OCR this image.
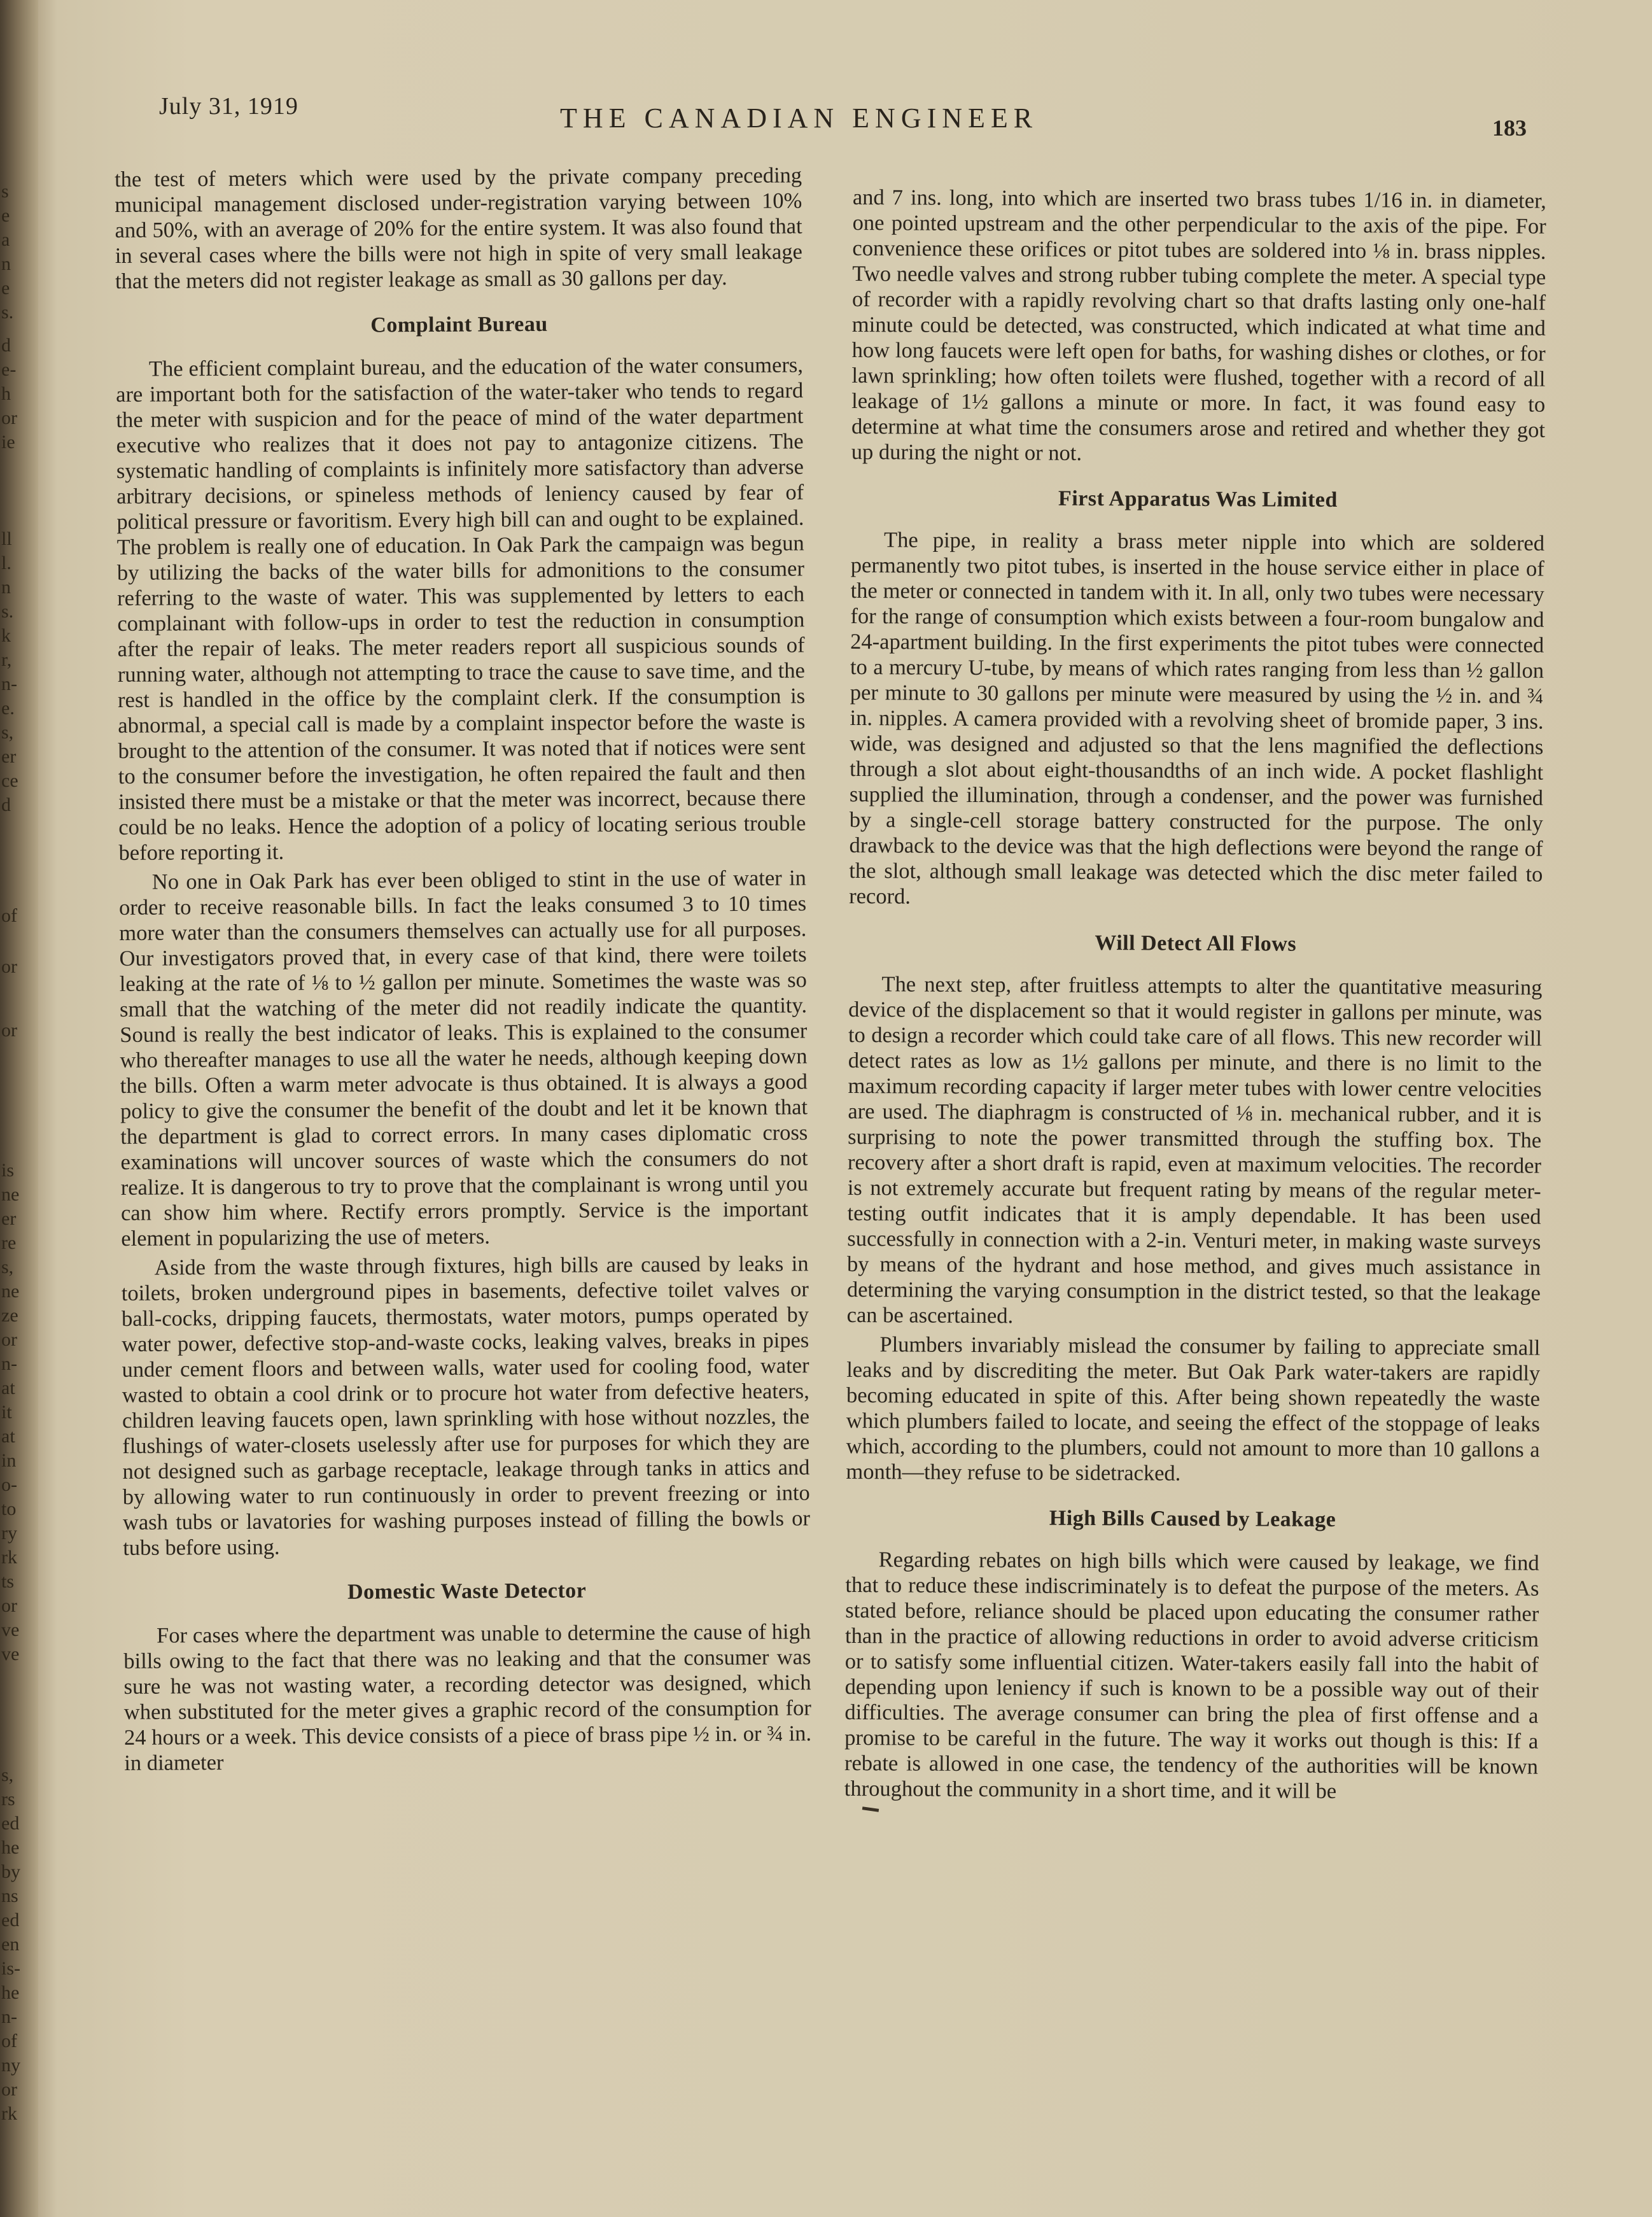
s
e
a
n
e
s.
d
e-
h
or
ie
ll
l.
n
s.
k
r,
n-
e.
s,
er
ce
d
of
or
or
is
ne
er
re
s,
ne
ze
or
n-
at
it
at
in
o-
to
ry
rk
ts
or
ve
ve
s,
rs
ed
he
by
ns
ed
en
is-
he
n-
of
ny
or
rk
July 31, 1919	THE CANADIAN ENGINEER	183

the test of meters which were used by the private company preceding municipal management disclosed under-registration varying between 10% and 50%, with an average of 20% for the entire system. It was also found that in several cases where the bills were not high in spite of very small leakage that the meters did not register leakage as small as 30 gallons per day.

Complaint Bureau

The efficient complaint bureau, and the education of the water consumers, are important both for the satisfaction of the water-taker who tends to regard the meter with suspicion and for the peace of mind of the water department executive who realizes that it does not pay to antagonize citizens. The systematic handling of complaints is infinitely more satisfactory than adverse arbitrary decisions, or spineless methods of leniency caused by fear of political pressure or favoritism. Every high bill can and ought to be explained. The problem is really one of education. In Oak Park the campaign was begun by utilizing the backs of the water bills for admonitions to the consumer referring to the waste of water. This was supplemented by letters to each complainant with follow-ups in order to test the reduction in consumption after the repair of leaks. The meter readers report all suspicious sounds of running water, although not attempting to trace the cause to save time, and the rest is handled in the office by the complaint clerk. If the consumption is abnormal, a special call is made by a complaint inspector before the waste is brought to the attention of the consumer. It was noted that if notices were sent to the consumer before the investigation, he often repaired the fault and then insisted there must be a mistake or that the meter was incorrect, because there could be no leaks. Hence the adoption of a policy of locating serious trouble before reporting it.

No one in Oak Park has ever been obliged to stint in the use of water in order to receive reasonable bills. In fact the leaks consumed 3 to 10 times more water than the consumers themselves can actually use for all purposes. Our investigators proved that, in every case of that kind, there were toilets leaking at the rate of ⅛ to ½ gallon per minute. Sometimes the waste was so small that the watching of the meter did not readily indicate the quantity. Sound is really the best indicator of leaks. This is explained to the consumer who thereafter manages to use all the water he needs, although keeping down the bills. Often a warm meter advocate is thus obtained. It is always a good policy to give the consumer the benefit of the doubt and let it be known that the department is glad to correct errors. In many cases diplomatic cross examinations will uncover sources of waste which the consumers do not realize. It is dangerous to try to prove that the complainant is wrong until you can show him where. Rectify errors promptly. Service is the important element in popularizing the use of meters.

Aside from the waste through fixtures, high bills are caused by leaks in toilets, broken underground pipes in basements, defective toilet valves or ball-cocks, dripping faucets, thermostats, water motors, pumps operated by water power, defective stop-and-waste cocks, leaking valves, breaks in pipes under cement floors and between walls, water used for cooling food, water wasted to obtain a cool drink or to procure hot water from defective heaters, children leaving faucets open, lawn sprinkling with hose without nozzles, the flushings of water-closets uselessly after use for purposes for which they are not designed such as garbage receptacle, leakage through tanks in attics and by allowing water to run continuously in order to prevent freezing or into wash tubs or lavatories for washing purposes instead of filling the bowls or tubs before using.

Domestic Waste Detector

For cases where the department was unable to determine the cause of high bills owing to the fact that there was no leaking and that the consumer was sure he was not wasting water, a recording detector was designed, which when substituted for the meter gives a graphic record of the consumption for 24 hours or a week. This device consists of a piece of brass pipe ½ in. or ¾ in. in diameter

and 7 ins. long, into which are inserted two brass tubes 1/16 in. in diameter, one pointed upstream and the other perpendicular to the axis of the pipe. For convenience these orifices or pitot tubes are soldered into ⅛ in. brass nipples. Two needle valves and strong rubber tubing complete the meter. A special type of recorder with a rapidly revolving chart so that drafts lasting only one-half minute could be detected, was constructed, which indicated at what time and how long faucets were left open for baths, for washing dishes or clothes, or for lawn sprinkling; how often toilets were flushed, together with a record of all leakage of 1½ gallons a minute or more. In fact, it was found easy to determine at what time the consumers arose and retired and whether they got up during the night or not.

First Apparatus Was Limited

The pipe, in reality a brass meter nipple into which are soldered permanently two pitot tubes, is inserted in the house service either in place of the meter or connected in tandem with it. In all, only two tubes were necessary for the range of consumption which exists between a four-room bungalow and 24-apartment building. In the first experiments the pitot tubes were connected to a mercury U-tube, by means of which rates ranging from less than ½ gallon per minute to 30 gallons per minute were measured by using the ½ in. and ¾ in. nipples. A camera provided with a revolving sheet of bromide paper, 3 ins. wide, was designed and adjusted so that the lens magnified the deflections through a slot about eight-thousandths of an inch wide. A pocket flashlight supplied the illumination, through a condenser, and the power was furnished by a single-cell storage battery constructed for the purpose. The only drawback to the device was that the high deflections were beyond the range of the slot, although small leakage was detected which the disc meter failed to record.

Will Detect All Flows

The next step, after fruitless attempts to alter the quantitative measuring device of the displacement so that it would register in gallons per minute, was to design a recorder which could take care of all flows. This new recorder will detect rates as low as 1½ gallons per minute, and there is no limit to the maximum recording capacity if larger meter tubes with lower centre velocities are used. The diaphragm is constructed of ⅛ in. mechanical rubber, and it is surprising to note the power transmitted through the stuffing box. The recovery after a short draft is rapid, even at maximum velocities. The recorder is not extremely accurate but frequent rating by means of the regular meter-testing outfit indicates that it is amply dependable. It has been used successfully in connection with a 2-in. Venturi meter, in making waste surveys by means of the hydrant and hose method, and gives much assistance in determining the varying consumption in the district tested, so that the leakage can be ascertained.

Plumbers invariably mislead the consumer by failing to appreciate small leaks and by discrediting the meter. But Oak Park water-takers are rapidly becoming educated in spite of this. After being shown repeatedly the waste which plumbers failed to locate, and seeing the effect of the stoppage of leaks which, according to the plumbers, could not amount to more than 10 gallons a month—they refuse to be sidetracked.

High Bills Caused by Leakage

Regarding rebates on high bills which were caused by leakage, we find that to reduce these indiscriminately is to defeat the purpose of the meters. As stated before, reliance should be placed upon educating the consumer rather than in the practice of allowing reductions in order to avoid adverse criticism or to satisfy some influential citizen. Water-takers easily fall into the habit of depending upon leniency if such is known to be a possible way out of their difficulties. The average consumer can bring the plea of first offense and a promise to be careful in the future. The way it works out though is this: If a rebate is allowed in one case, the tendency of the authorities will be known throughout the community in a short time, and it will be
